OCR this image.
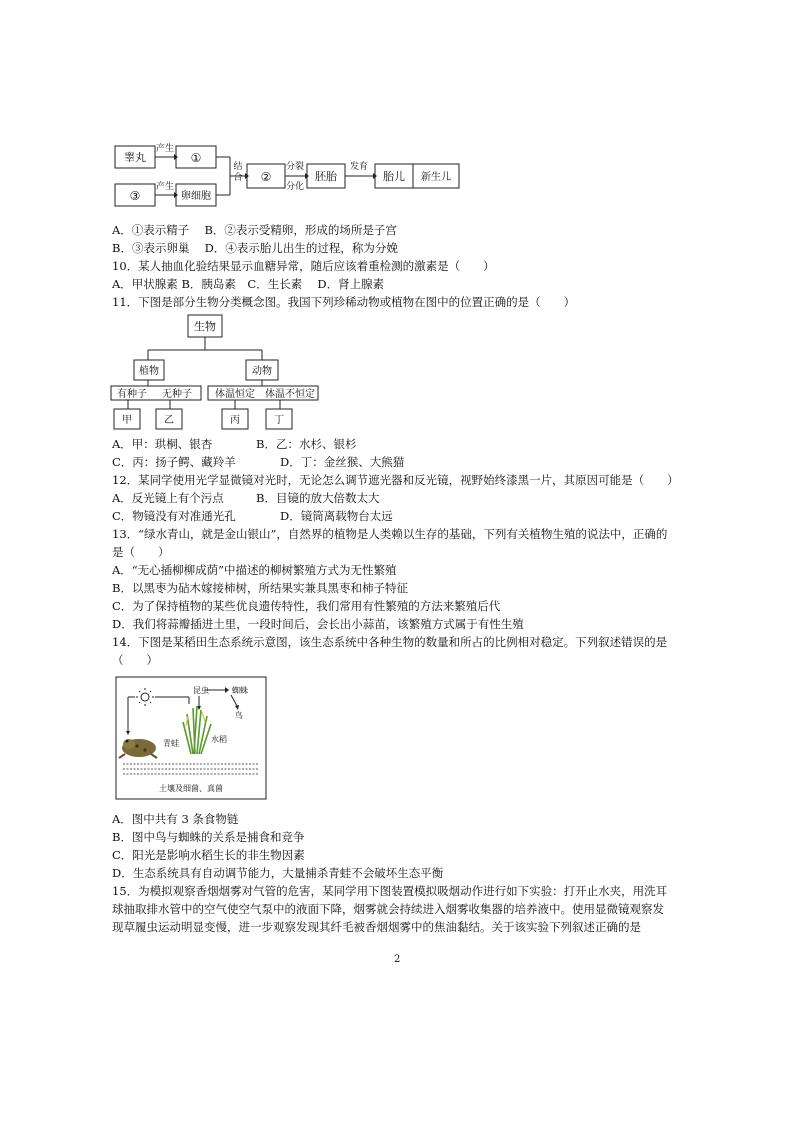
睾丸	①
③	卵细胞
产生
产生
结合 ②
分裂
分化
胚胎
发育
胎儿 新生儿
A．①表示精子　 B．②表示受精卵，形成的场所是子宫
B．③表示卵巢　 D．④表示胎儿出生的过程，称为分娩
10．某人抽血化验结果显示血糖异常，随后应该着重检测的激素是（　　）
A．甲状腺素 B．胰岛素　C．生长素　 D．肾上腺素
11．下图是部分生物分类概念图。我国下列珍稀动物或植物在图中的位置正确的是（　　）
生物
植物	动物
有种子 无种子 体温恒定 体温不恒定
甲	乙	丙	丁
A．甲：珙桐、银杏	B．乙：水杉、银杉
C．丙：扬子鳄、藏羚羊	D．丁：金丝猴、大熊猫
12．某同学使用光学显微镜对光时，无论怎么调节遮光器和反光镜，视野始终漆黑一片，其原因可能是（　　）
A．反光镜上有个污点	B．目镜的放大倍数太大
C．物镜没有对准通光孔	D．镜筒离载物台太远
13．“绿水青山，就是金山银山”，自然界的植物是人类赖以生存的基础，下列有关植物生殖的说法中，正确的
是（　　）
A．“无心插柳柳成荫”中描述的柳树繁殖方式为无性繁殖
B．以黑枣为砧木嫁接柿树，所结果实兼具黑枣和柿子特征
C．为了保持植物的某些优良遗传特性，我们常用有性繁殖的方法来繁殖后代
D．我们将蒜瓣插进土里，一段时间后，会长出小蒜苗，该繁殖方式属于有性生殖
14．下图是某稻田生态系统示意图，该生态系统中各种生物的数量和所占的比例相对稳定。下列叙述错误的是
（　　）
昆虫	蜘蛛
鸟
水稻
青蛙
土壤及细菌、真菌
A．图中共有 3 条食物链
B．图中鸟与蜘蛛的关系是捕食和竞争
C．阳光是影响水稻生长的非生物因素
D．生态系统具有自动调节能力，大量捕杀青蛙不会破坏生态平衡
15．为模拟观察香烟烟雾对气管的危害，某同学用下图装置模拟吸烟动作进行如下实验：打开止水夹，用洗耳
球抽取排水管中的空气使空气泵中的液面下降，烟雾就会持续进入烟雾收集器的培养液中。使用显微镜观察发
现草履虫运动明显变慢，进一步观察发现其纤毛被香烟烟雾中的焦油黏结。关于该实验下列叙述正确的是
2
